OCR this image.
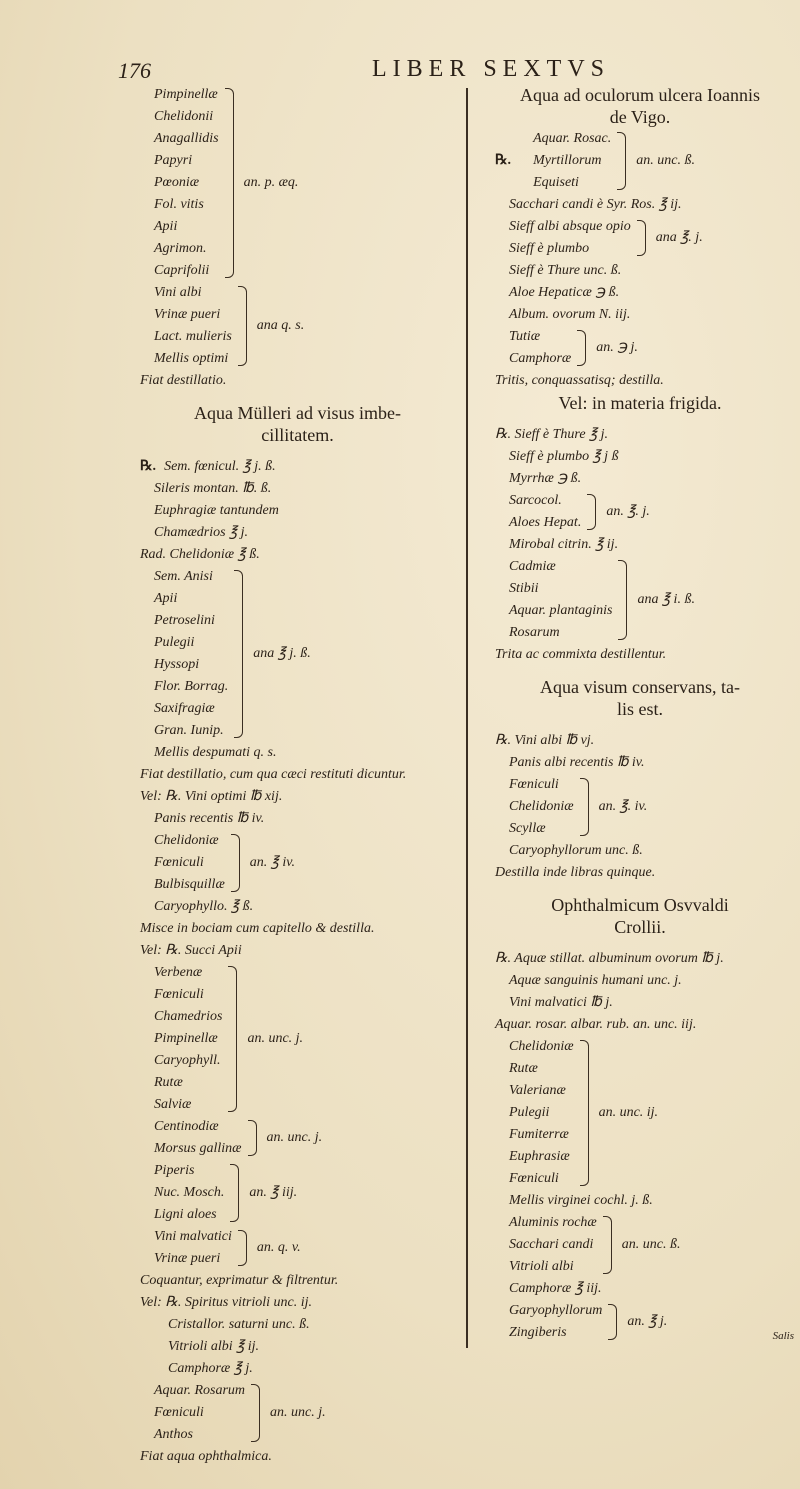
176	LIBER SEXTVS
Pimpinellæ
Chelidonii
Anagallidis
Papyri
Pœoniæ
Fol. vitis
Apii
Agrimon.
Caprifolii
an. p. æq.
Vini albi
Vrinæ pueri
Lact. mulieris
Mellis optimi
ana q. s.
Fiat destillatio.
Aqua Mülleri ad visus imbe-
cillitatem.
℞. Sem. fœnicul. ℥ j. ß.
Sileris montan. ℔. ß.
Euphragiæ tantundem
Chamædrios ℥ j.
Rad. Chelidoniæ ℥ ß.
Sem. Anisi
Apii
Petroselini
Pulegii
Hyssopi
Flor. Borrag.
Saxifragiæ
Gran. Iunip.
ana ℥ j. ß.
Mellis despumati q. s.
Fiat destillatio, cum qua cæci restituti dicuntur.
Vel: ℞. Vini optimi ℔ xij.
Panis recentis ℔ iv.
Chelidoniæ
Fœniculi
Bulbisquillæ
an. ℥ iv.
Caryophyllo. ℥ ß.
Misce in bociam cum capitello & destilla.
Vel: ℞. Succi Apii
Verbenæ
Fœniculi
Chamedrios
Pimpinellæ
Caryophyll.
Rutæ
Salviæ
an. unc. j.
Centinodiæ
Morsus gallinæ
an. unc. j.
Piperis
Nuc. Mosch.
Ligni aloes
an. ℥ iij.
Vini malvatici
Vrinæ pueri
an. q. v.
Coquantur, exprimatur & filtrentur.
Vel: ℞. Spiritus vitrioli unc. ij.
Cristallor. saturni unc. ß.
Vitrioli albi ℥ ij.
Camphoræ ℥ j.
Aquar. Rosarum
Fœniculi
Anthos
an. unc. j.
Fiat aqua ophthalmica.
Aqua ad oculorum ulcera Ioannis
de Vigo.
℞.
Aquar. Rosac.
Myrtillorum
Equiseti
an. unc. ß.
Sacchari candi è Syr. Ros. ℥ ij.
Sieff albi absque opio
Sieff è plumbo
ana ℥. j.
Sieff è Thure unc. ß.
Aloe Hepaticæ ℈ ß.
Album. ovorum N. iij.
Tutiæ
Camphoræ
an. ℈ j.
Tritis, conquassatisq; destilla.
Vel: in materia frigida.
℞. Sieff è Thure ℥ j.
Sieff è plumbo ℥ j ß
Myrrhæ ℈ ß.
Sarcocol.
Aloes Hepat.
an. ℥. j.
Mirobal citrin. ℥ ij.
Cadmiæ
Stibii
Aquar. plantaginis
Rosarum
ana ℥ i. ß.
Trita ac commixta destillentur.
Aqua visum conservans, ta-
lis est.
℞. Vini albi ℔ vj.
Panis albi recentis ℔ iv.
Fœniculi
Chelidoniæ
Scyllæ
an. ℥. iv.
Caryophyllorum unc. ß.
Destilla inde libras quinque.
Ophthalmicum Osvvaldi
Crollii.
℞. Aquæ stillat. albuminum ovorum ℔ j.
Aquæ sanguinis humani unc. j.
Vini malvatici ℔ j.
Aquar. rosar. albar. rub. an. unc. iij.
Chelidoniæ
Rutæ
Valerianæ
Pulegii
Fumiterræ
Euphrasiæ
Fœniculi
an. unc. ij.
Mellis virginei cochl. j. ß.
Aluminis rochæ
Sacchari candi
Vitrioli albi
an. unc. ß.
Camphoræ ℥ iij.
Garyophyllorum
Zingiberis
an. ℥ j.
Salis
